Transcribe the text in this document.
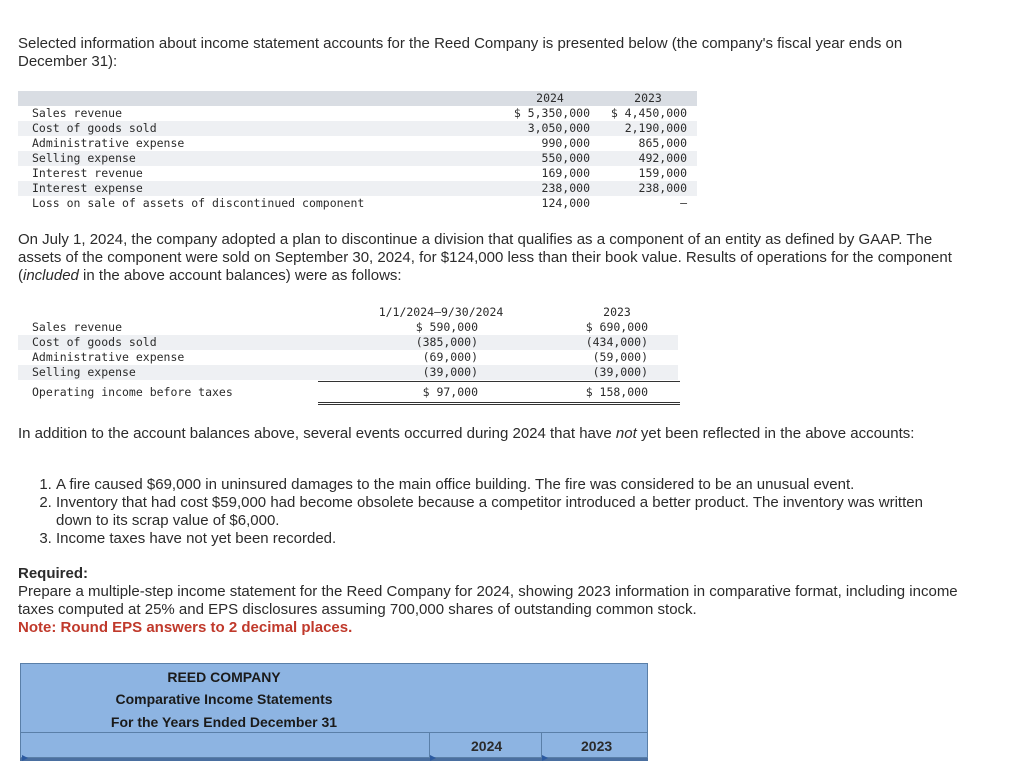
Selected information about income statement accounts for the Reed Company is presented below (the company's fiscal year ends on December 31):
2024	2023
Sales revenue	$ 5,350,000	$ 4,450,000
Cost of goods sold	3,050,000	2,190,000
Administrative expense	990,000	865,000
Selling expense	550,000	492,000
Interest revenue	169,000	159,000
Interest expense	238,000	238,000
Loss on sale of assets of discontinued component	124,000	–
On July 1, 2024, the company adopted a plan to discontinue a division that qualifies as a component of an entity as defined by GAAP. The assets of the component were sold on September 30, 2024, for $124,000 less than their book value. Results of operations for the component (included in the above account balances) were as follows:
1/1/2024–9/30/2024	2023
Sales revenue	$ 590,000	$ 690,000
Cost of goods sold	(385,000)	(434,000)
Administrative expense	(69,000)	(59,000)
Selling expense	(39,000)	(39,000)
Operating income before taxes	$ 97,000	$ 158,000
In addition to the account balances above, several events occurred during 2024 that have not yet been reflected in the above accounts:
1. A fire caused $69,000 in uninsured damages to the main office building. The fire was considered to be an unusual event.
2. Inventory that had cost $59,000 had become obsolete because a competitor introduced a better product. The inventory was written down to its scrap value of $6,000.
3. Income taxes have not yet been recorded.
Required:
Prepare a multiple-step income statement for the Reed Company for 2024, showing 2023 information in comparative format, including income taxes computed at 25% and EPS disclosures assuming 700,000 shares of outstanding common stock.
Note: Round EPS answers to 2 decimal places.
REED COMPANY
Comparative Income Statements
For the Years Ended December 31
2024	2023
